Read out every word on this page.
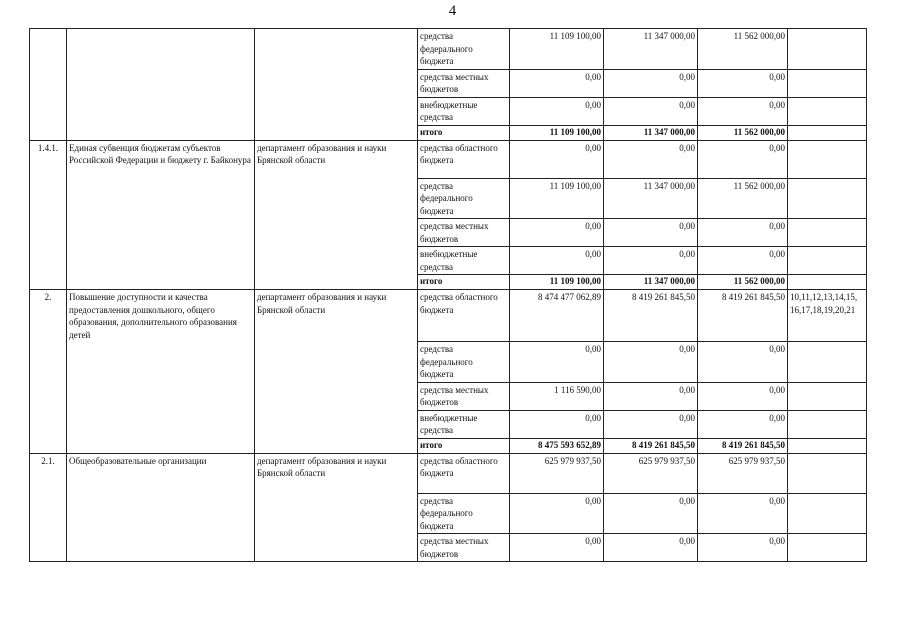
4
			средства федерального бюджета	11 109 100,00	11 347 000,00	11 562 000,00	
			средства местных бюджетов	0,00	0,00	0,00	
			внебюджетные средства	0,00	0,00	0,00	
			итого	11 109 100,00	11 347 000,00	11 562 000,00	
1.4.1.	Единая субвенция бюджетам субъектов Российской Федерации и бюджету г. Байконура	департамент образования и науки Брянской области	средства областного бюджета	0,00	0,00	0,00	
			средства федерального бюджета	11 109 100,00	11 347 000,00	11 562 000,00	
			средства местных бюджетов	0,00	0,00	0,00	
			внебюджетные средства	0,00	0,00	0,00	
			итого	11 109 100,00	11 347 000,00	11 562 000,00	
2.	Повышение доступности и качества предоставления дошкольного, общего образования, дополнительного образования детей	департамент образования и науки Брянской области	средства областного бюджета	8 474 477 062,89	8 419 261 845,50	8 419 261 845,50	10,11,12,13,14,15, 16,17,18,19,20,21
			средства федерального бюджета	0,00	0,00	0,00	
			средства местных бюджетов	1 116 590,00	0,00	0,00	
			внебюджетные средства	0,00	0,00	0,00	
			итого	8 475 593 652,89	8 419 261 845,50	8 419 261 845,50	
2.1.	Общеобразовательные организации	департамент образования и науки Брянской области	средства областного бюджета	625 979 937,50	625 979 937,50	625 979 937,50	
			средства федерального бюджета	0,00	0,00	0,00	
			средства местных бюджетов	0,00	0,00	0,00	
